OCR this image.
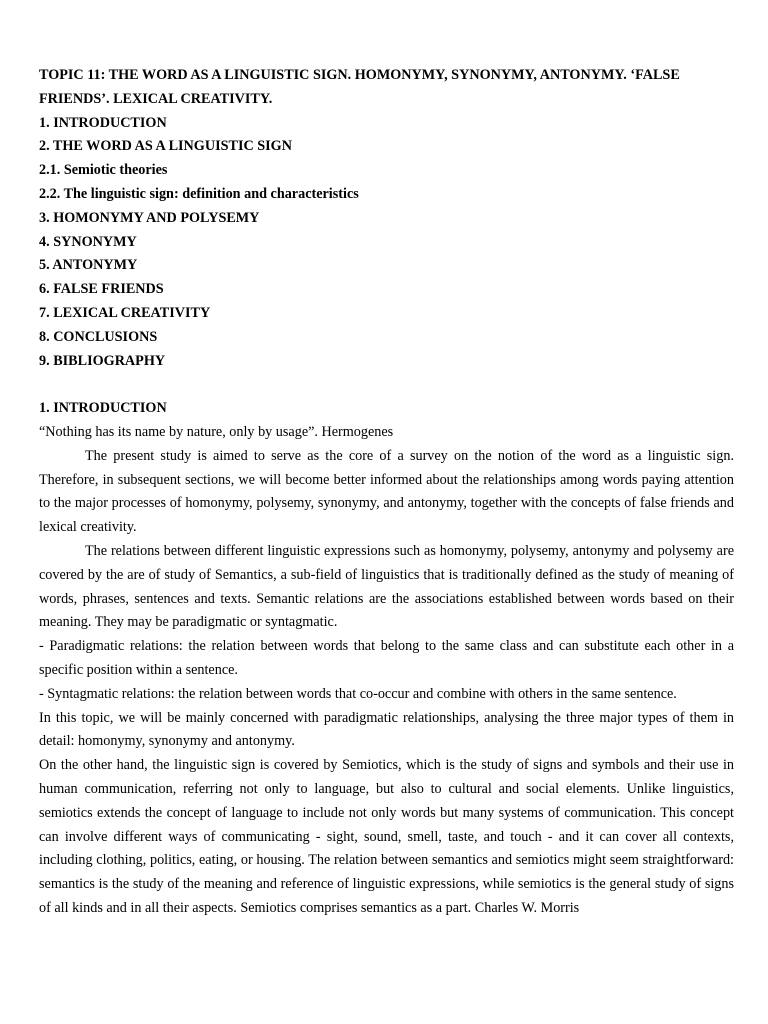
TOPIC 11: THE WORD AS A LINGUISTIC SIGN. HOMONYMY, SYNONYMY, ANTONYMY. ‘FALSE FRIENDS’. LEXICAL CREATIVITY.
1. INTRODUCTION
2. THE WORD AS A LINGUISTIC SIGN
2.1. Semiotic theories
2.2. The linguistic sign: definition and characteristics
3. HOMONYMY AND POLYSEMY
4. SYNONYMY
5. ANTONYMY
6. FALSE FRIENDS
7. LEXICAL CREATIVITY
8. CONCLUSIONS
9. BIBLIOGRAPHY
1. INTRODUCTION

“Nothing has its name by nature, only by usage”. Hermogenes

The present study is aimed to serve as the core of a survey on the notion of the word as a linguistic sign. Therefore, in subsequent sections, we will become better informed about the relationships among words paying attention to the major processes of homonymy, polysemy, synonymy, and antonymy, together with the concepts of false friends and lexical creativity.

The relations between different linguistic expressions such as homonymy, polysemy, antonymy and polysemy are covered by the are of study of Semantics, a sub-field of linguistics that is traditionally defined as the study of meaning of words, phrases, sentences and texts. Semantic relations are the associations established between words based on their meaning. They may be paradigmatic or syntagmatic.

- Paradigmatic relations: the relation between words that belong to the same class and can substitute each other in a specific position within a sentence.

- Syntagmatic relations: the relation between words that co-occur and combine with others in the same sentence.

In this topic, we will be mainly concerned with paradigmatic relationships, analysing the three major types of them in detail: homonymy, synonymy and antonymy.

On the other hand, the linguistic sign is covered by Semiotics, which is the study of signs and symbols and their use in human communication, referring not only to language, but also to cultural and social elements. Unlike linguistics, semiotics extends the concept of language to include not only words but many systems of communication. This concept can involve different ways of communicating - sight, sound, smell, taste, and touch - and it can cover all contexts, including clothing, politics, eating, or housing. The relation between semantics and semiotics might seem straightforward: semantics is the study of the meaning and reference of linguistic expressions, while semiotics is the general study of signs of all kinds and in all their aspects. Semiotics comprises semantics as a part. Charles W. Morris
